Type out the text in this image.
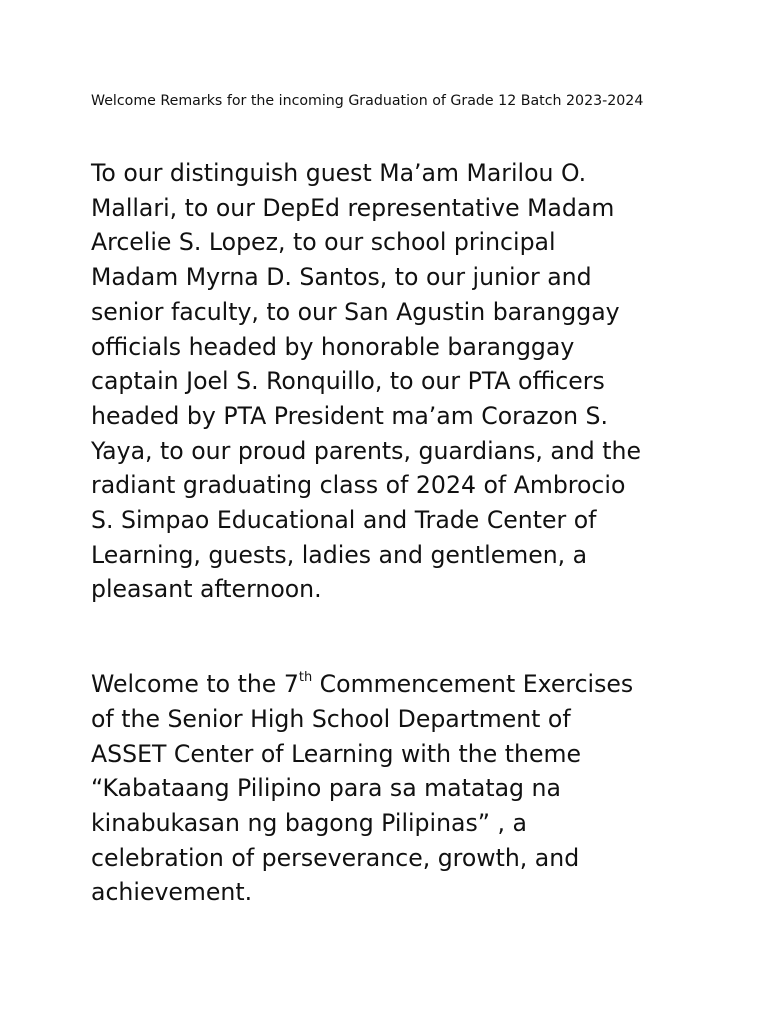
Welcome Remarks for the incoming Graduation of Grade 12 Batch 2023-2024

To our distinguish guest Ma’am Marilou O.
Mallari, to our DepEd representative Madam
Arcelie S. Lopez, to our school principal
Madam Myrna D. Santos, to our junior and
senior faculty, to our San Agustin baranggay
officials headed by honorable baranggay
captain Joel S. Ronquillo, to our PTA officers
headed by PTA President ma’am Corazon S.
Yaya, to our proud parents, guardians, and the
radiant graduating class of 2024 of Ambrocio
S. Simpao Educational and Trade Center of
Learning, guests, ladies and gentlemen, a
pleasant afternoon.

Welcome to the 7th Commencement Exercises
of the Senior High School Department of
ASSET Center of Learning with the theme
“Kabataang Pilipino para sa matatag na
kinabukasan ng bagong Pilipinas” , a
celebration of perseverance, growth, and
achievement.
